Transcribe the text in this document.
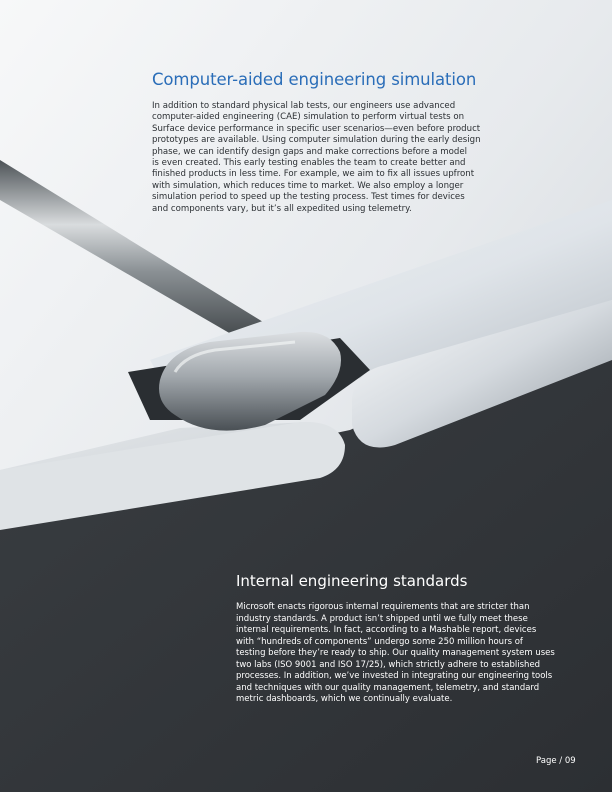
Computer-aided engineering simulation

In addition to standard physical lab tests, our engineers use advanced
computer-aided engineering (CAE) simulation to perform virtual tests on
Surface device performance in specific user scenarios—even before product
prototypes are available. Using computer simulation during the early design
phase, we can identify design gaps and make corrections before a model
is even created. This early testing enables the team to create better and
finished products in less time. For example, we aim to fix all issues upfront
with simulation, which reduces time to market. We also employ a longer
simulation period to speed up the testing process. Test times for devices
and components vary, but it’s all expedited using telemetry.

Internal engineering standards

Microsoft enacts rigorous internal requirements that are stricter than
industry standards. A product isn’t shipped until we fully meet these
internal requirements. In fact, according to a Mashable report, devices
with “hundreds of components” undergo some 250 million hours of
testing before they’re ready to ship. Our quality management system uses
two labs (ISO 9001 and ISO 17/25), which strictly adhere to established
processes. In addition, we’ve invested in integrating our engineering tools
and techniques with our quality management, telemetry, and standard
metric dashboards, which we continually evaluate.

Page / 09
